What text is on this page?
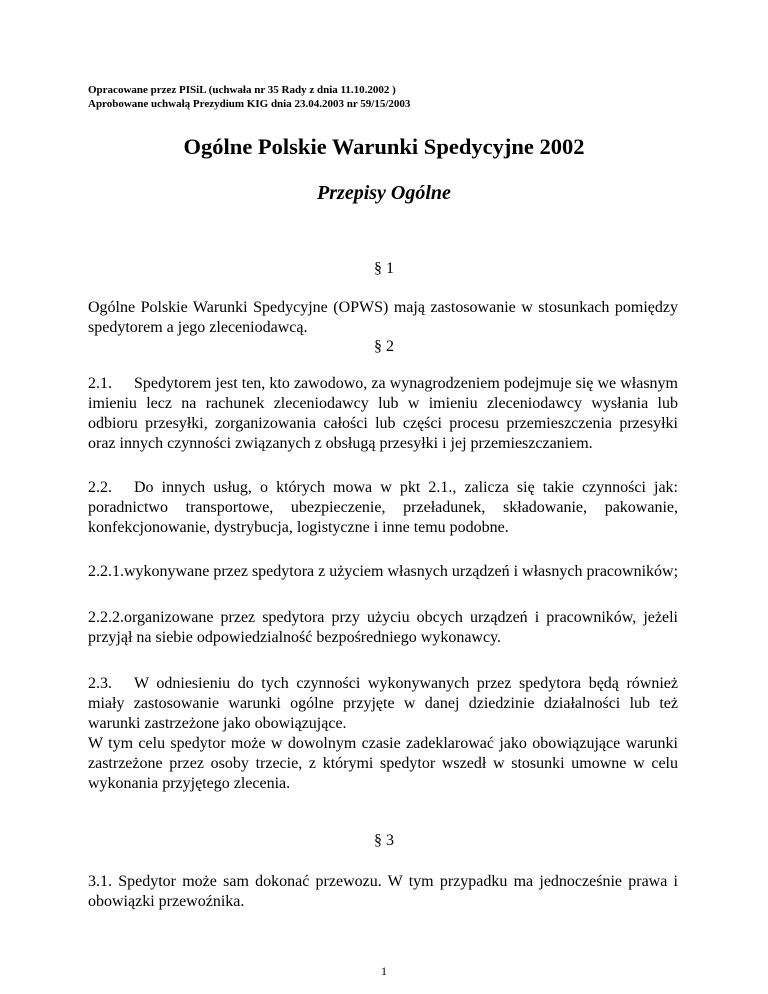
Opracowane przez PISiL (uchwała nr 35 Rady z dnia 11.10.2002 )
Aprobowane uchwałą Prezydium KIG dnia 23.04.2003 nr 59/15/2003
Ogólne Polskie Warunki Spedycyjne 2002
Przepisy Ogólne
§ 1
Ogólne Polskie Warunki Spedycyjne (OPWS) mają zastosowanie w stosunkach pomiędzy spedytorem a jego zleceniodawcą.
§ 2
2.1. Spedytorem jest ten, kto zawodowo, za wynagrodzeniem podejmuje się we własnym imieniu lecz na rachunek zleceniodawcy lub w imieniu zleceniodawcy wysłania lub odbioru przesyłki, zorganizowania całości lub części procesu przemieszczenia przesyłki oraz innych czynności związanych z obsługą przesyłki i jej przemieszczaniem.
2.2. Do innych usług, o których mowa w pkt 2.1., zalicza się takie czynności jak: poradnictwo transportowe, ubezpieczenie, przeładunek, składowanie, pakowanie, konfekcjonowanie, dystrybucja, logistyczne i inne temu podobne.
2.2.1.wykonywane przez spedytora z użyciem własnych urządzeń i własnych pracowników;
2.2.2.organizowane przez spedytora przy użyciu obcych urządzeń i pracowników, jeżeli przyjął na siebie odpowiedzialność bezpośredniego wykonawcy.
2.3. W odniesieniu do tych czynności wykonywanych przez spedytora będą również miały zastosowanie warunki ogólne przyjęte w danej dziedzinie działalności lub też warunki zastrzeżone jako obowiązujące.
W tym celu spedytor może w dowolnym czasie zadeklarować jako obowiązujące warunki zastrzeżone przez osoby trzecie, z którymi spedytor wszedł w stosunki umowne w celu wykonania przyjętego zlecenia.
§ 3
3.1. Spedytor może sam dokonać przewozu. W tym przypadku ma jednocześnie prawa i obowiązki przewoźnika.
1
